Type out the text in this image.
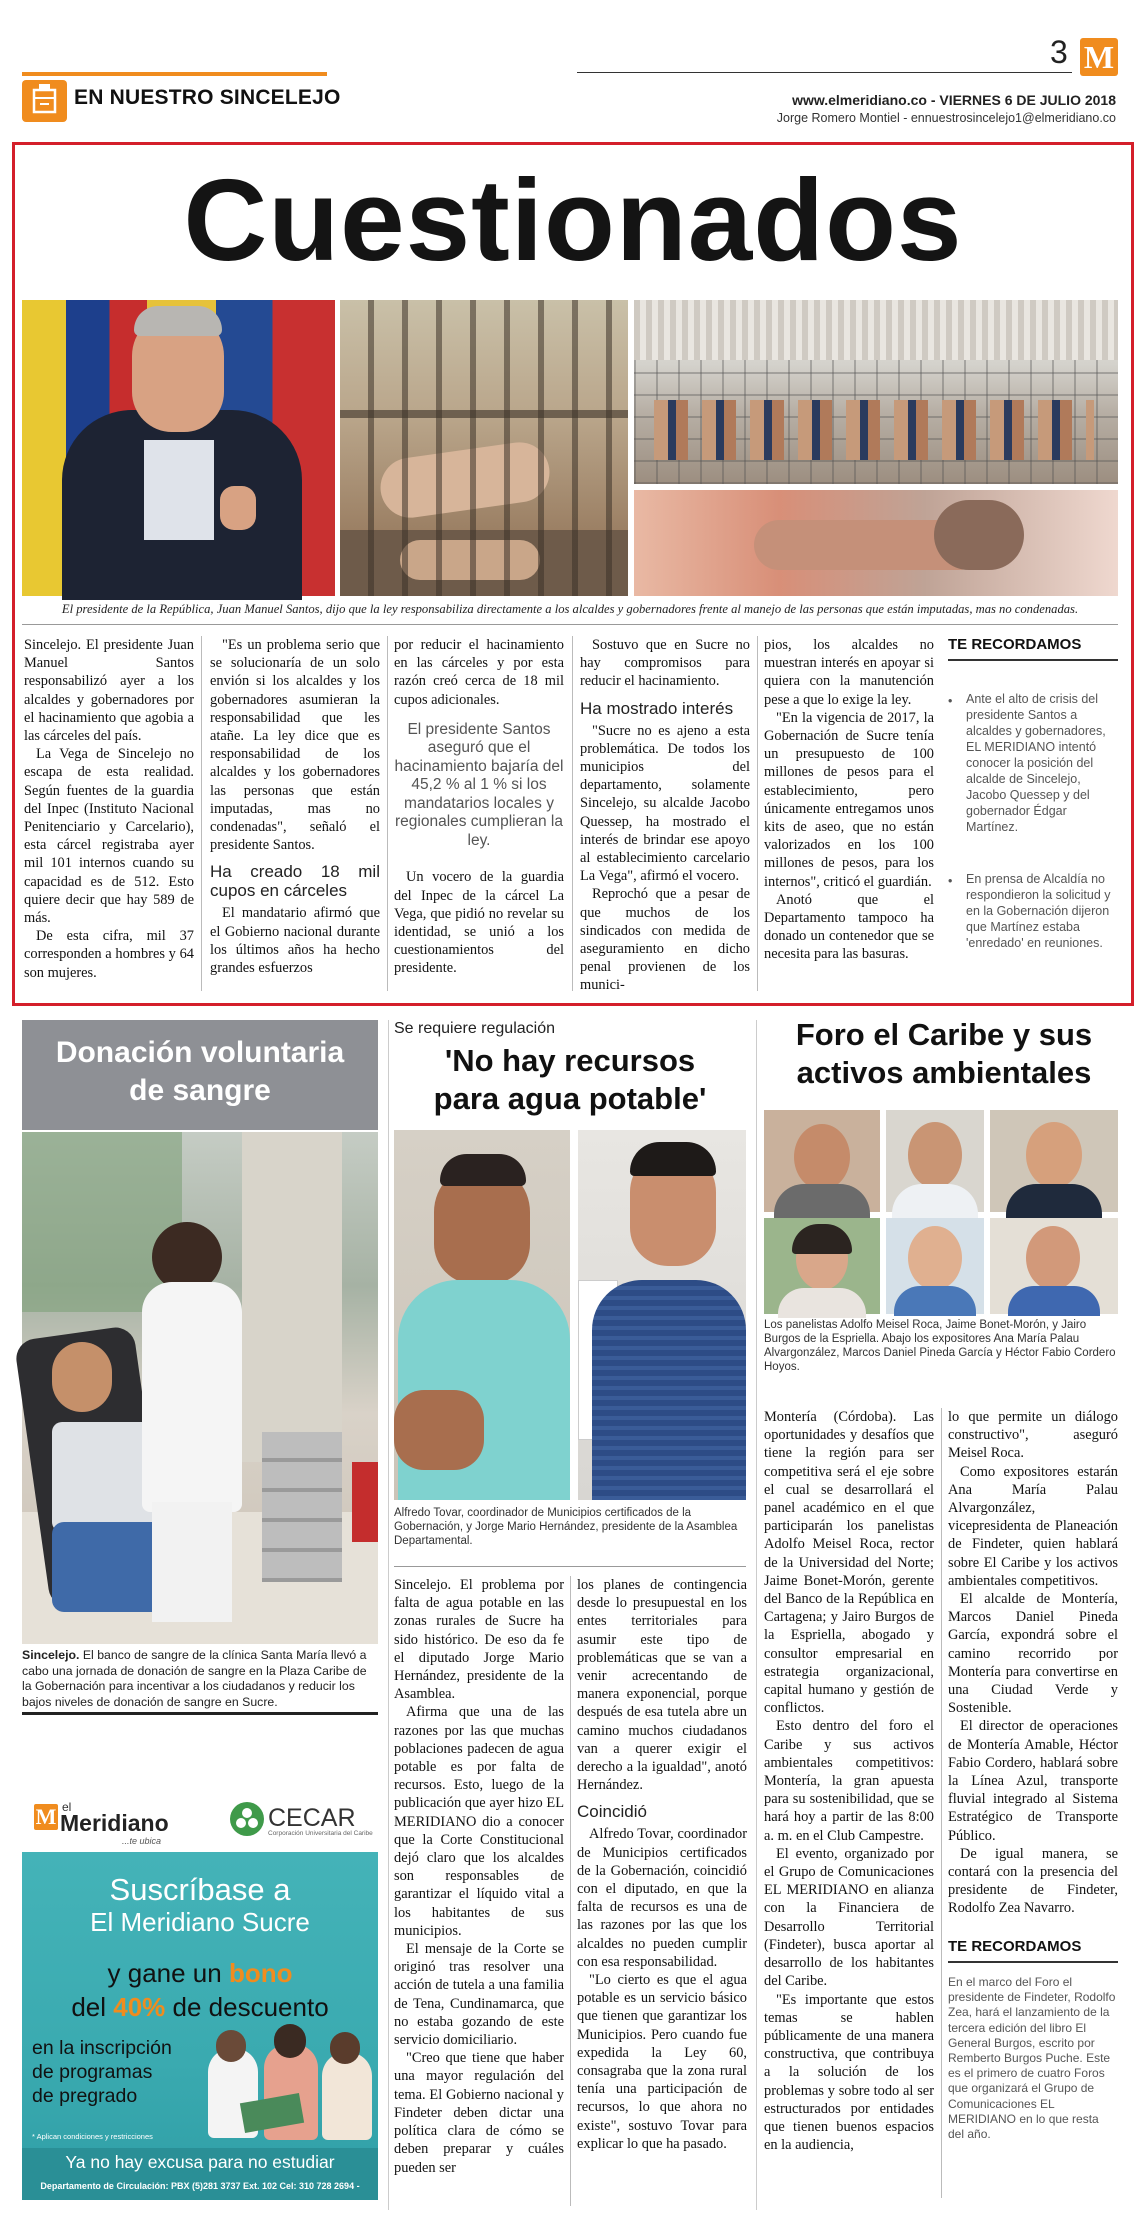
EN NUESTRO SINCELEJO
3 M
www.elmeridiano.co - VIERNES 6 DE JULIO 2018
Jorge Romero Montiel - ennuestrosincelejo1@elmeridiano.co
Cuestionados
El presidente de la República, Juan Manuel Santos, dijo que la ley responsabiliza directamente a los alcaldes y gobernadores frente al manejo de las personas que están imputadas, mas no condenadas.

Sincelejo. El presidente Juan Manuel Santos responsabilizó ayer a los alcaldes y gobernadores por el hacinamiento que agobia a las cárceles del país.

La Vega de Sincelejo no escapa de esta realidad. Según fuentes de la guardia del Inpec (Instituto Nacional Penitenciario y Carcelario), esta cárcel registraba ayer mil 101 internos cuando su capacidad es de 512. Esto quiere decir que hay 589 de más.

De esta cifra, mil 37 corresponden a hombres y 64 son mujeres.

"Es un problema serio que se solucionaría de un solo envión si los alcaldes y los gobernadores asumieran la responsabilidad que les atañe. La ley dice que es responsabilidad de los alcaldes y los gobernadores las personas que están imputadas, mas no condenadas", señaló el presidente Santos.

Ha creado 18 mil cupos en cárceles

El mandatario afirmó que el Gobierno nacional durante los últimos años ha hecho grandes esfuerzos

por reducir el hacinamiento en las cárceles y por esta razón creó cerca de 18 mil cupos adicionales.

El presidente Santos aseguró que el hacinamiento bajaría del 45,2 % al 1 % si los mandatarios locales y regionales cumplieran la ley.

Un vocero de la guardia del Inpec de la cárcel La Vega, que pidió no revelar su identidad, se unió a los cuestionamientos del presidente.

Sostuvo que en Sucre no hay compromisos para reducir el hacinamiento.

Ha mostrado interés

"Sucre no es ajeno a esta problemática. De todos los municipios del departamento, solamente Sincelejo, su alcalde Jacobo Quessep, ha mostrado el interés de brindar ese apoyo al establecimiento carcelario La Vega", afirmó el vocero.

Reprochó que a pesar de que muchos de los sindicados con medida de aseguramiento en dicho penal provienen de los munici-

pios, los alcaldes no muestran interés en apoyar si quiera con la manutención pese a que lo exige la ley.

"En la vigencia de 2017, la Gobernación de Sucre tenía un presupuesto de 100 millones de pesos para el establecimiento, pero únicamente entregamos unos kits de aseo, que no están valorizados en los 100 millones de pesos, para los internos", criticó el guardián.

Anotó que el Departamento tampoco ha donado un contenedor que se necesita para las basuras.

TE RECORDAMOS
• Ante el alto de crisis del presidente Santos a alcaldes y gobernadores, EL MERIDIANO intentó conocer la posición del alcalde de Sincelejo, Jacobo Quessep y del gobernador Édgar Martínez.
• En prensa de Alcaldía no respondieron la solicitud y en la Gobernación dijeron que Martínez estaba 'enredado' en reuniones.
Donación voluntaria
de sangre
Sincelejo. El banco de sangre de la clínica Santa María llevó a cabo una jornada de donación de sangre en la Plaza Caribe de la Gobernación para incentivar a los ciudadanos y reducir los bajos niveles de donación de sangre en Sucre.
M el
Meridiano
...te ubica
CECAR
Corporación Universitaria del Caribe
Suscríbase a
El Meridiano Sucre
y gane un bono
del 40% de descuento
en la inscripción
de programas
de pregrado
* Aplican condiciones y restricciones
Ya no hay excusa para no estudiar
Departamento de Circulación: PBX (5)281 3737 Ext. 102 Cel: 310 728 2694 - Sincelejo
Se requiere regulación
'No hay recursos
para agua potable'
Alfredo Tovar, coordinador de Municipios certificados de la Gobernación, y Jorge Mario Hernández, presidente de la Asamblea Departamental.

Sincelejo. El problema por falta de agua potable en las zonas rurales de Sucre ha sido histórico. De eso da fe el diputado Jorge Mario Hernández, presidente de la Asamblea.

Afirma que una de las razones por las que muchas poblaciones padecen de agua potable es por falta de recursos. Esto, luego de la publicación que ayer hizo EL MERIDIANO dio a conocer que la Corte Constitucional dejó claro que los alcaldes son responsables de garantizar el líquido vital a los habitantes de sus municipios.

El mensaje de la Corte se originó tras resolver una acción de tutela a una familia de Tena, Cundinamarca, que no estaba gozando de este servicio domiciliario.

"Creo que tiene que haber una mayor regulación del tema. El Gobierno nacional y Findeter deben dictar una política clara de cómo se deben preparar y cuáles pueden ser

los planes de contingencia desde lo presupuestal en los entes territoriales para asumir este tipo de problemáticas que se van a venir acrecentando de manera exponencial, porque después de esa tutela abre un camino muchos ciudadanos van a querer exigir el derecho a la igualdad", anotó Hernández.

Coincidió

Alfredo Tovar, coordinador de Municipios certificados de la Gobernación, coincidió con el diputado, en que la falta de recursos es una de las razones por las que los alcaldes no pueden cumplir con esa responsabilidad.

"Lo cierto es que el agua potable es un servicio básico que tienen que garantizar los Municipios. Pero cuando fue expedida la Ley 60, consagraba que la zona rural tenía una participación de recursos, lo que ahora no existe", sostuvo Tovar para explicar lo que ha pasado.

Foro el Caribe y sus
activos ambientales
Los panelistas Adolfo Meisel Roca, Jaime Bonet-Morón, y Jairo Burgos de la Espriella. Abajo los expositores Ana María Palau Alvargonzález, Marcos Daniel Pineda García y Héctor Fabio Cordero Hoyos.

Montería (Córdoba). Las oportunidades y desafíos que tiene la región para ser competitiva será el eje sobre el cual se desarrollará el panel académico en el que participarán los panelistas Adolfo Meisel Roca, rector de la Universidad del Norte; Jaime Bonet-Morón, gerente del Banco de la República en Cartagena; y Jairo Burgos de la Espriella, abogado y consultor empresarial en estrategia organizacional, capital humano y gestión de conflictos.

Esto dentro del foro el Caribe y sus activos ambientales competitivos: Montería, la gran apuesta para su sostenibilidad, que se hará hoy a partir de las 8:00 a. m. en el Club Campestre.

El evento, organizado por el Grupo de Comunicaciones EL MERIDIANO en alianza con la Financiera de Desarrollo Territorial (Findeter), busca aportar al desarrollo de los habitantes del Caribe.

"Es importante que estos temas se hablen públicamente de una manera constructiva, que contribuya a la solución de los problemas y sobre todo al ser estructurados por entidades que tienen buenos espacios en la audiencia,

lo que permite un diálogo constructivo", aseguró Meisel Roca.

Como expositores estarán Ana María Palau Alvargonzález, vicepresidenta de Planeación de Findeter, quien hablará sobre El Caribe y los activos ambientales competitivos.

El alcalde de Montería, Marcos Daniel Pineda García, expondrá sobre el camino recorrido por Montería para convertirse en una Ciudad Verde y Sostenible.

El director de operaciones de Montería Amable, Héctor Fabio Cordero, hablará sobre la Línea Azul, transporte fluvial integrado al Sistema Estratégico de Transporte Público.

De igual manera, se contará con la presencia del presidente de Findeter, Rodolfo Zea Navarro.

TE RECORDAMOS
En el marco del Foro el presidente de Findeter, Rodolfo Zea, hará el lanzamiento de la tercera edición del libro El General Burgos, escrito por Remberto Burgos Puche. Este es el primero de cuatro Foros que organizará el Grupo de Comunicaciones EL MERIDIANO en lo que resta del año.
